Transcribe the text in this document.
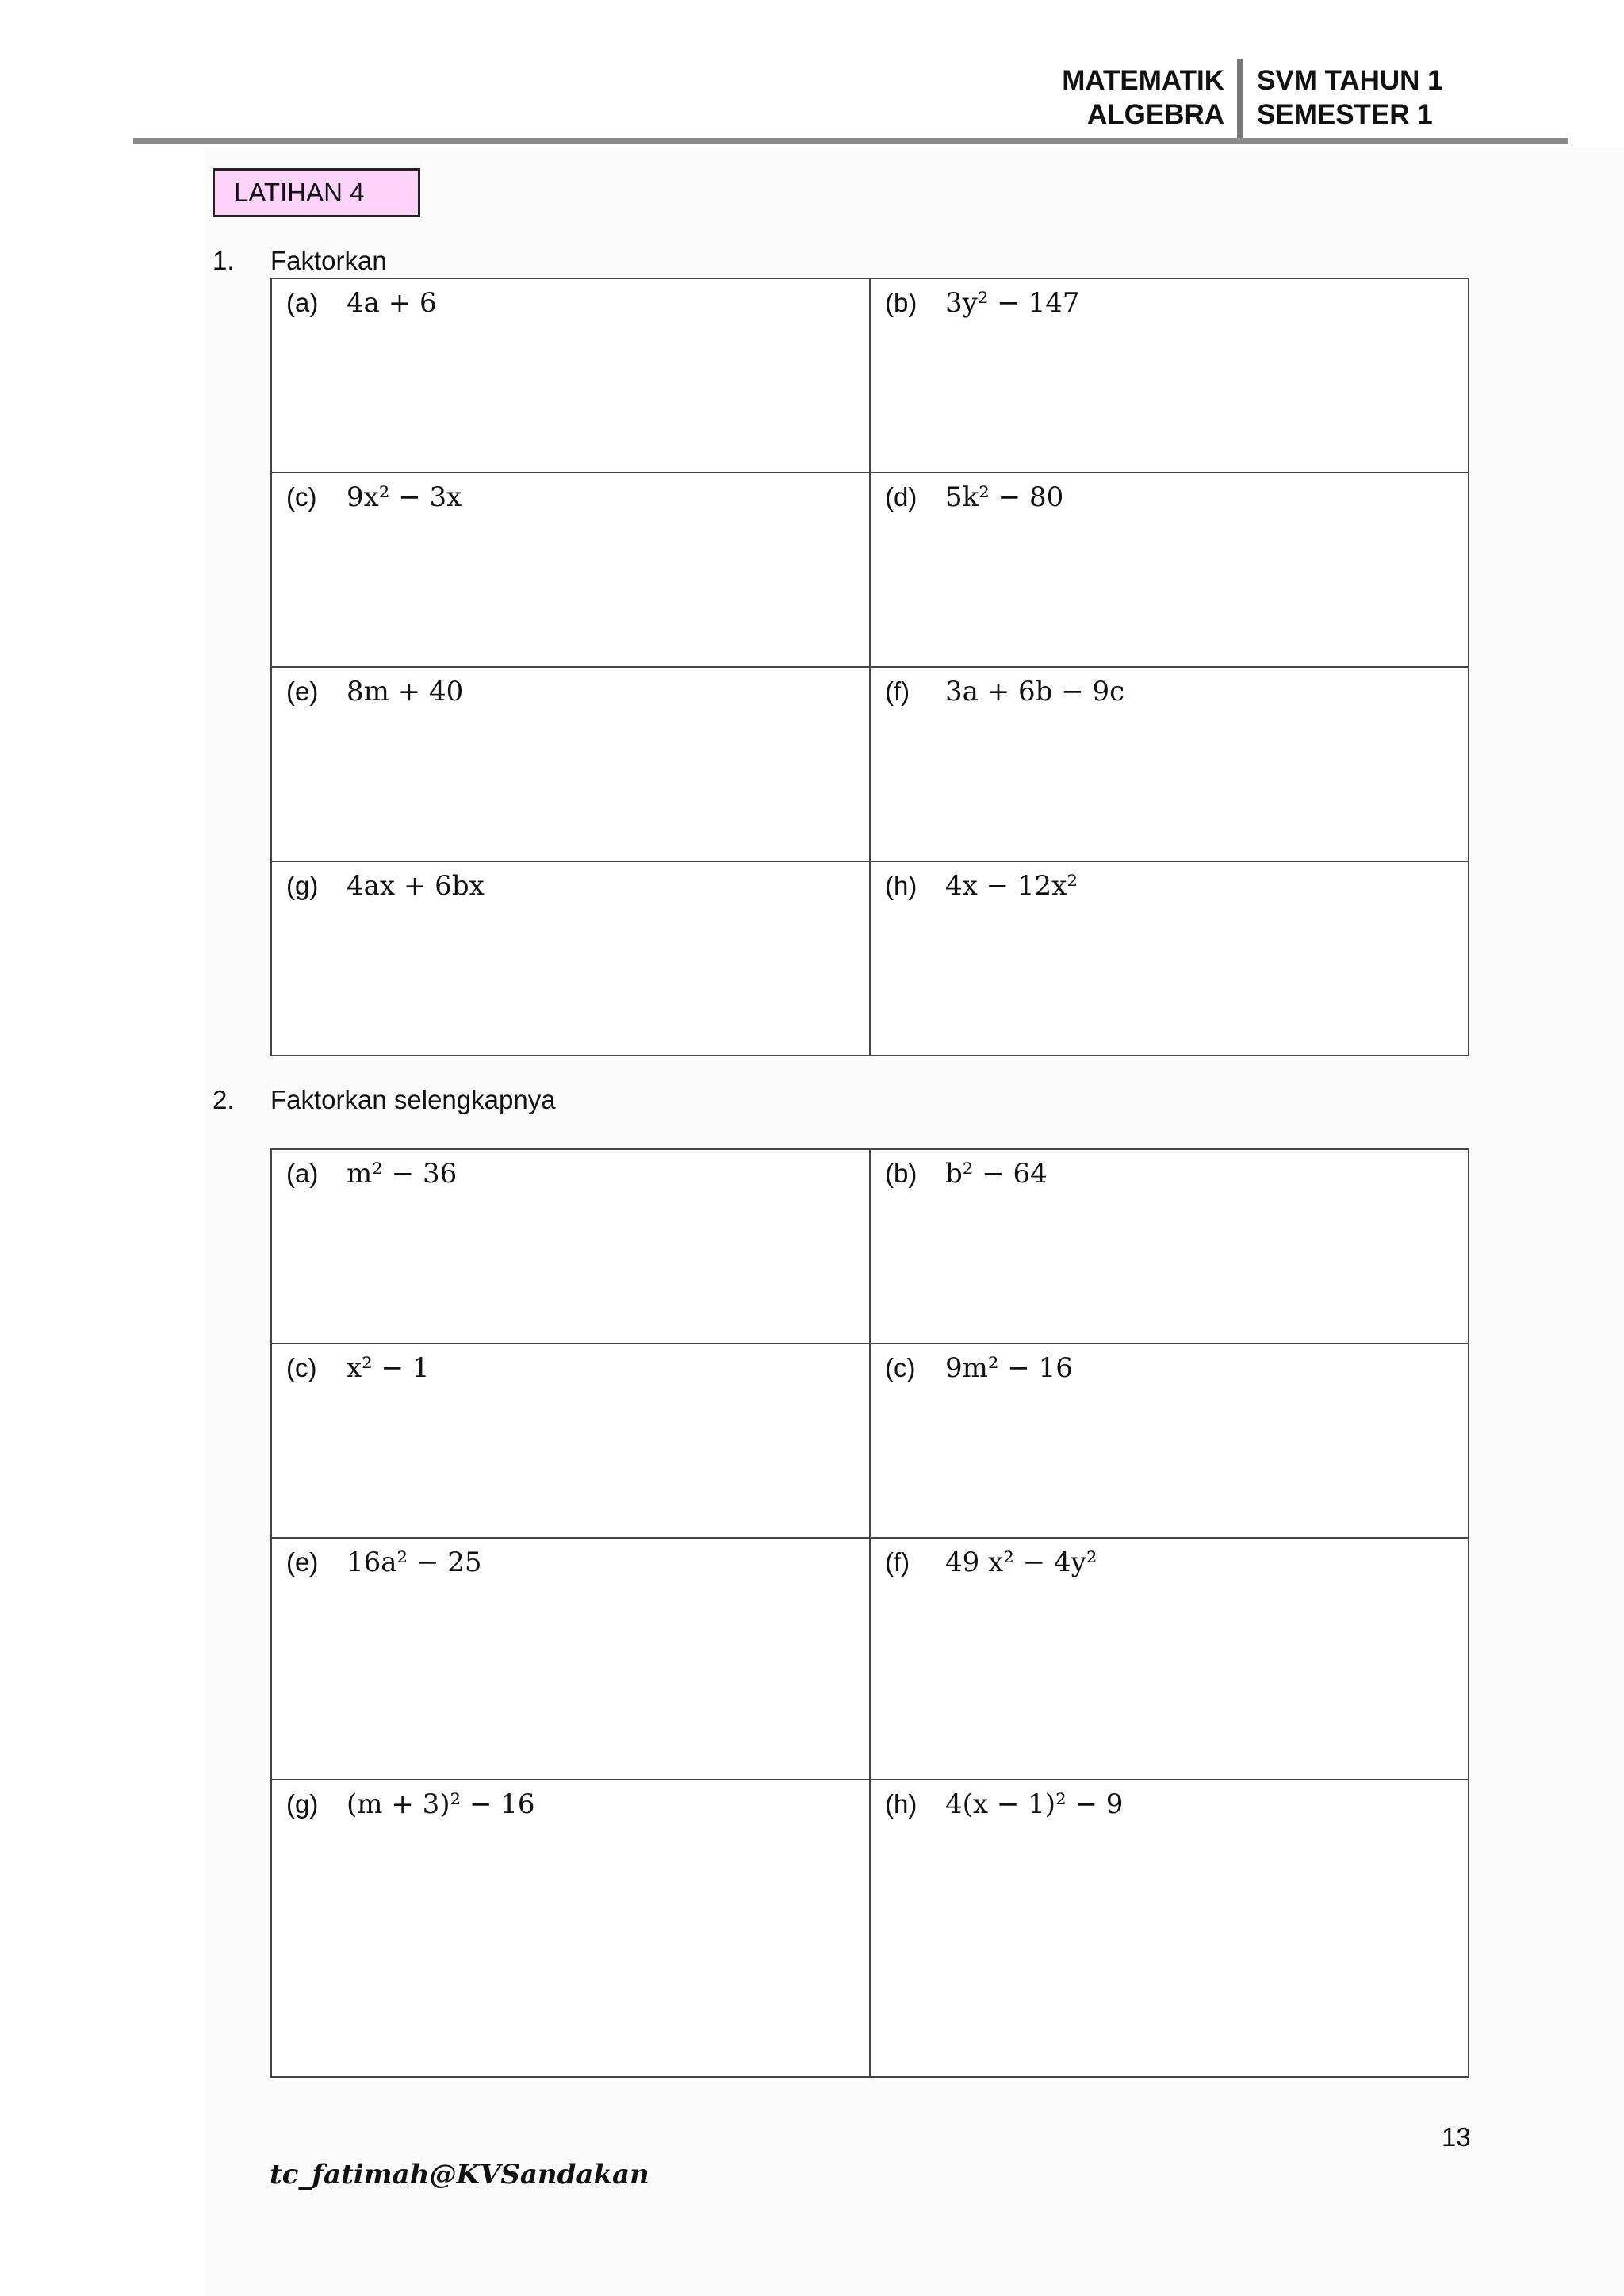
MATEMATIK
ALGEBRA
SVM TAHUN 1
SEMESTER 1
LATIHAN 4
1. Faktorkan
(a) 4a + 6	(b) 3y² − 147
(c) 9x² − 3x	(d) 5k² − 80
(e) 8m + 40	(f) 3a + 6b − 9c
(g) 4ax + 6bx	(h) 4x − 12x²
2. Faktorkan selengkapnya
(a) m² − 36	(b) b² − 64
(c) x² − 1	(c) 9m² − 16
(e) 16a² − 25	(f) 49 x² − 4y²
(g) (m + 3)² − 16	(h) 4(x − 1)² − 9
13
tc_fatimah@KVSandakan
